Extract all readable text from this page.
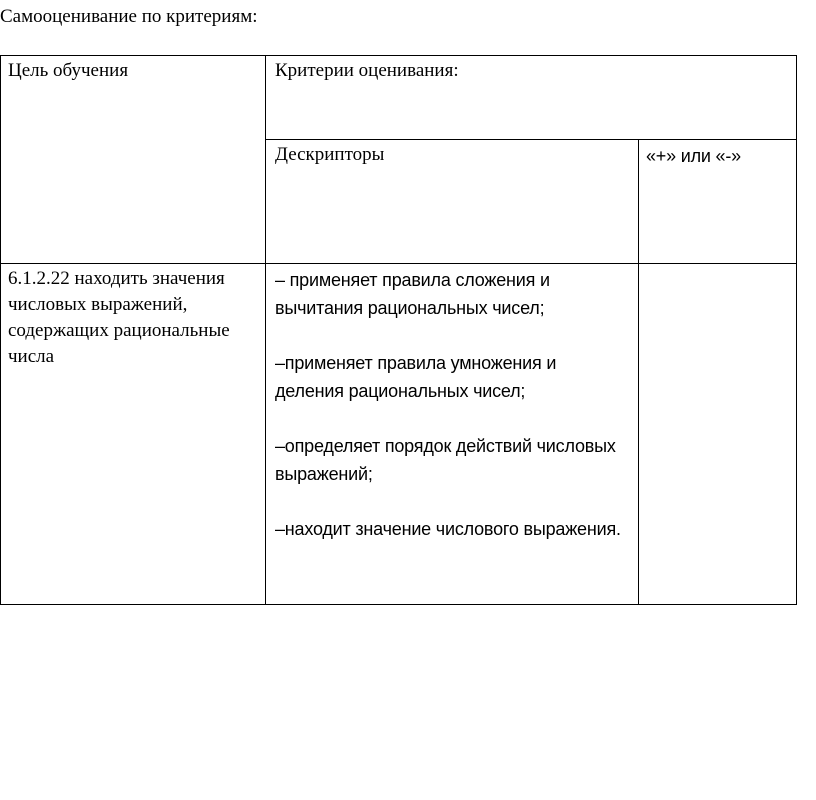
Самооценивание по критериям:

Цель обучения	Критерии оценивания:

Дескрипторы	«+» или «-»

6.1.2.22 находить значения числовых выражений, содержащих рациональные числа

– применяет правила сложения и вычитания рациональных чисел;
–применяет правила умножения и деления рациональных чисел;
–определяет порядок действий числовых выражений;
–находит значение числового выражения.
